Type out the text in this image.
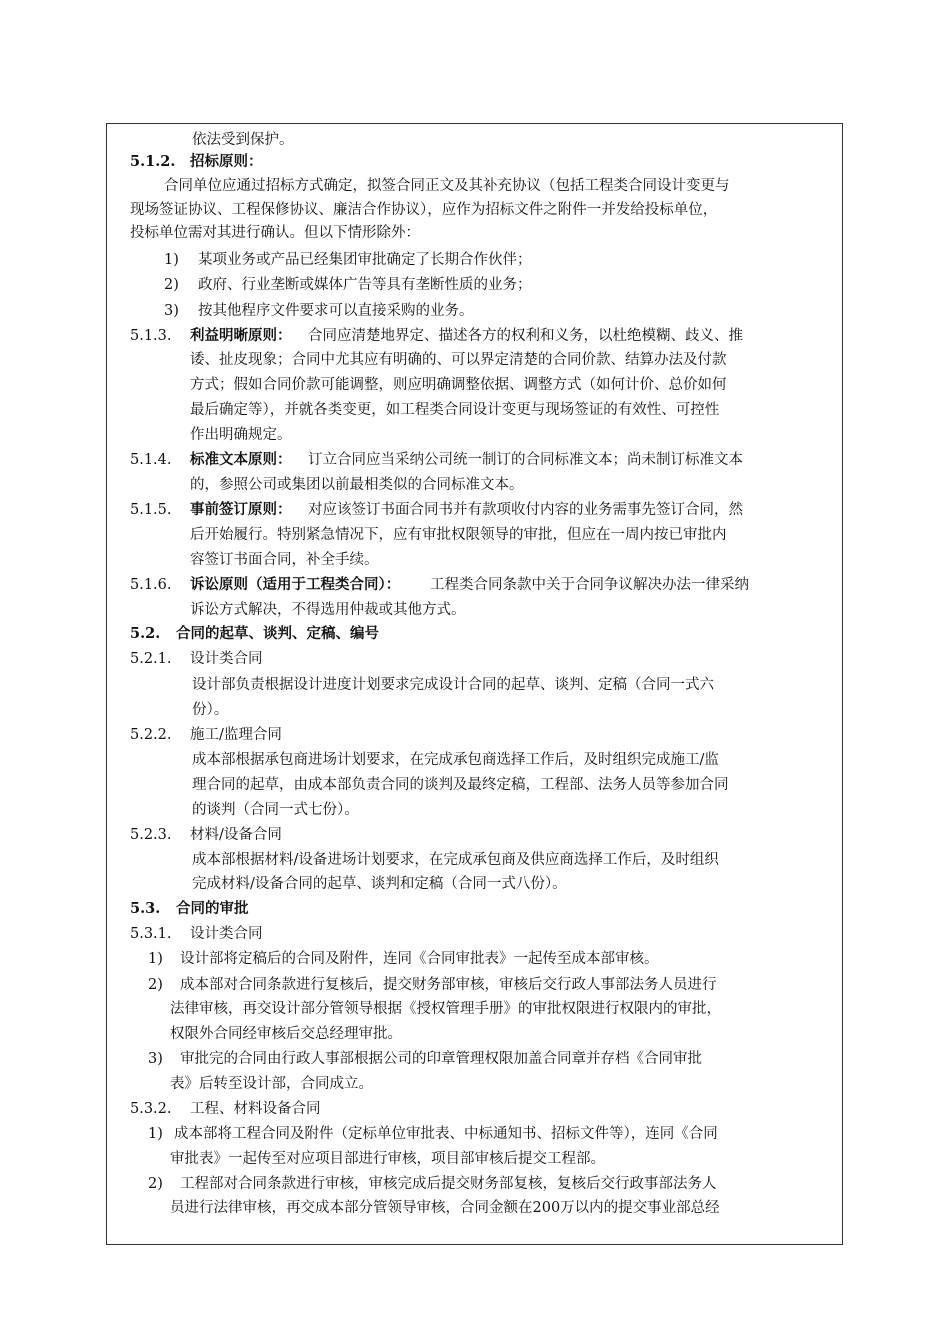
依法受到保护。
5.1.2. 招标原则：
合同单位应通过招标方式确定，拟签合同正文及其补充协议（包括工程类合同设计变更与
现场签证协议、工程保修协议、廉洁合作协议），应作为招标文件之附件一并发给投标单位，
投标单位需对其进行确认。但以下情形除外：
1) 某项业务或产品已经集团审批确定了长期合作伙伴；
2) 政府、行业垄断或媒体广告等具有垄断性质的业务；
3) 按其他程序文件要求可以直接采购的业务。
5.1.3. 利益明晰原则： 合同应清楚地界定、描述各方的权利和义务，以杜绝模糊、歧义、推
诿、扯皮现象；合同中尤其应有明确的、可以界定清楚的合同价款、结算办法及付款
方式；假如合同价款可能调整，则应明确调整依据、调整方式（如何计价、总价如何
最后确定等），并就各类变更，如工程类合同设计变更与现场签证的有效性、可控性
作出明确规定。
5.1.4. 标准文本原则： 订立合同应当采纳公司统一制订的合同标准文本；尚未制订标准文本
的，参照公司或集团以前最相类似的合同标准文本。
5.1.5. 事前签订原则： 对应该签订书面合同书并有款项收付内容的业务需事先签订合同，然
后开始履行。特别紧急情况下，应有审批权限领导的审批，但应在一周内按已审批内
容签订书面合同，补全手续。
5.1.6. 诉讼原则（适用于工程类合同）： 工程类合同条款中关于合同争议解决办法一律采纳
诉讼方式解决，不得选用仲裁或其他方式。
5.2. 合同的起草、谈判、定稿、编号
5.2.1. 设计类合同
设计部负责根据设计进度计划要求完成设计合同的起草、谈判、定稿（合同一式六
份）。
5.2.2. 施工/监理合同
成本部根据承包商进场计划要求，在完成承包商选择工作后，及时组织完成施工/监
理合同的起草，由成本部负责合同的谈判及最终定稿，工程部、法务人员等参加合同
的谈判（合同一式七份）。
5.2.3. 材料/设备合同
成本部根据材料/设备进场计划要求，在完成承包商及供应商选择工作后，及时组织
完成材料/设备合同的起草、谈判和定稿（合同一式八份）。
5.3. 合同的审批
5.3.1. 设计类合同
1) 设计部将定稿后的合同及附件，连同《合同审批表》一起传至成本部审核。
2) 成本部对合同条款进行复核后，提交财务部审核，审核后交行政人事部法务人员进行
法律审核，再交设计部分管领导根据《授权管理手册》的审批权限进行权限内的审批，
权限外合同经审核后交总经理审批。
3) 审批完的合同由行政人事部根据公司的印章管理权限加盖合同章并存档《合同审批
表》后转至设计部，合同成立。
5.3.2. 工程、材料设备合同
1) 成本部将工程合同及附件（定标单位审批表、中标通知书、招标文件等），连同《合同
审批表》一起传至对应项目部进行审核，项目部审核后提交工程部。
2) 工程部对合同条款进行审核，审核完成后提交财务部复核，复核后交行政事部法务人
员进行法律审核，再交成本部分管领导审核，合同金额在200万以内的提交事业部总经
